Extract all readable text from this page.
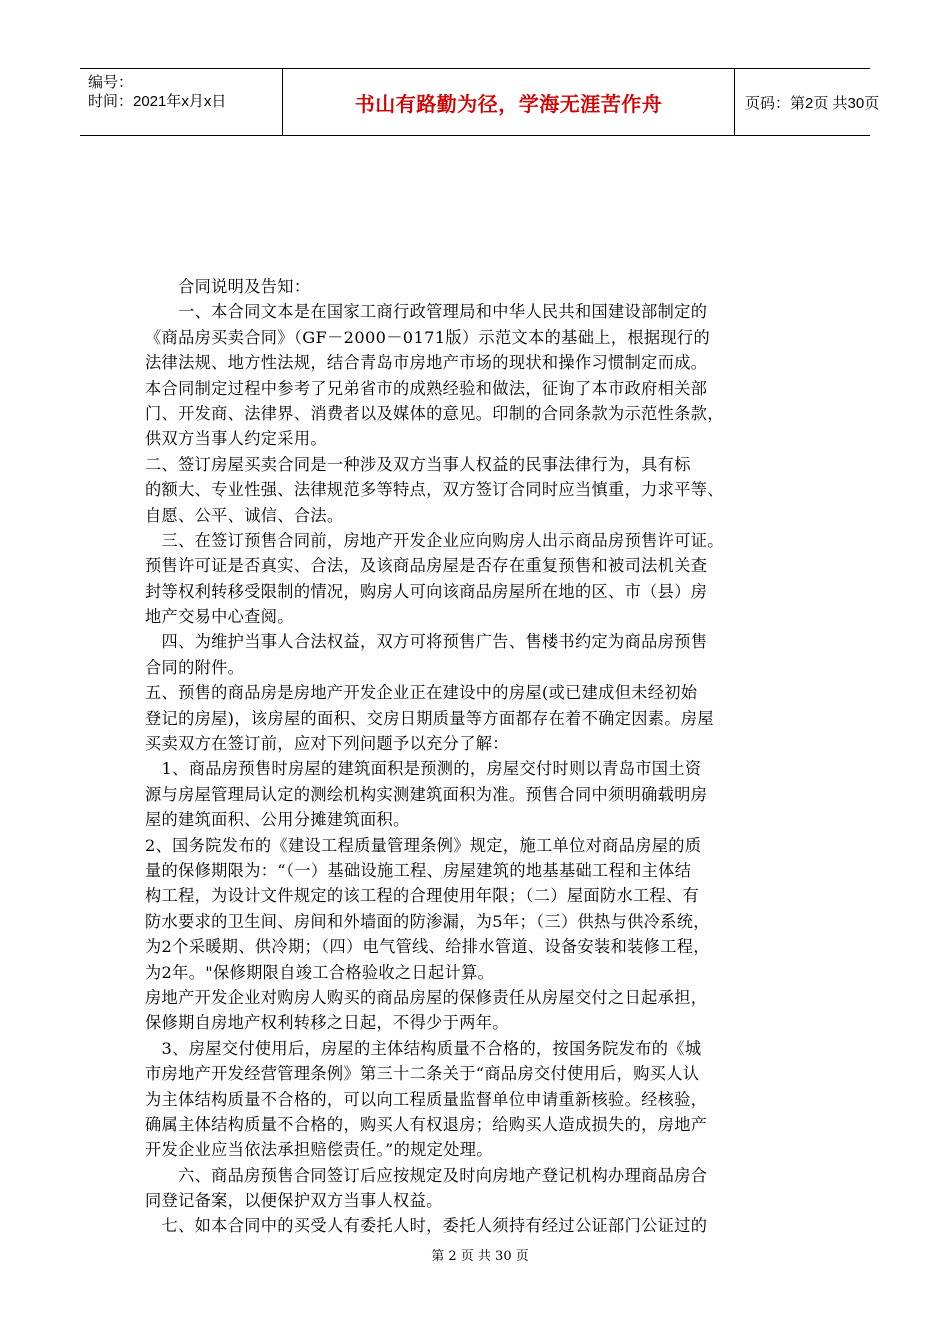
编号：
时间：2021年x月x日	书山有路勤为径，学海无涯苦作舟	页码：第2页 共30页
　　合同说明及告知：
　　一、本合同文本是在国家工商行政管理局和中华人民共和国建设部制定的
《商品房买卖合同》（GF－2000－0171版）示范文本的基础上，根据现行的
法律法规、地方性法规，结合青岛市房地产市场的现状和操作习惯制定而成。
本合同制定过程中参考了兄弟省市的成熟经验和做法，征询了本市政府相关部
门、开发商、法律界、消费者以及媒体的意见。印制的合同条款为示范性条款，
供双方当事人约定采用。
二、签订房屋买卖合同是一种涉及双方当事人权益的民事法律行为，具有标
的额大、专业性强、法律规范多等特点，双方签订合同时应当慎重，力求平等、
自愿、公平、诚信、合法。
　三、在签订预售合同前，房地产开发企业应向购房人出示商品房预售许可证。
预售许可证是否真实、合法，及该商品房屋是否存在重复预售和被司法机关查
封等权利转移受限制的情况，购房人可向该商品房屋所在地的区、市（县）房
地产交易中心查阅。
　四、为维护当事人合法权益，双方可将预售广告、售楼书约定为商品房预售
合同的附件。
五、预售的商品房是房地产开发企业正在建设中的房屋(或已建成但未经初始
登记的房屋)，该房屋的面积、交房日期质量等方面都存在着不确定因素。房屋
买卖双方在签订前，应对下列问题予以充分了解：
　1、商品房预售时房屋的建筑面积是预测的，房屋交付时则以青岛市国土资
源与房屋管理局认定的测绘机构实测建筑面积为准。预售合同中须明确载明房
屋的建筑面积、公用分摊建筑面积。
2、国务院发布的《建设工程质量管理条例》规定，施工单位对商品房屋的质
量的保修期限为：“（一）基础设施工程、房屋建筑的地基基础工程和主体结
构工程，为设计文件规定的该工程的合理使用年限；（二）屋面防水工程、有
防水要求的卫生间、房间和外墙面的防渗漏，为5年；（三）供热与供冷系统，
为2个采暖期、供冷期；（四）电气管线、给排水管道、设备安装和装修工程，
为2年。"保修期限自竣工合格验收之日起计算。
房地产开发企业对购房人购买的商品房屋的保修责任从房屋交付之日起承担，
保修期自房地产权利转移之日起，不得少于两年。
　3、房屋交付使用后，房屋的主体结构质量不合格的，按国务院发布的《城
市房地产开发经营管理条例》第三十二条关于“商品房交付使用后，购买人认
为主体结构质量不合格的，可以向工程质量监督单位申请重新核验。经核验，
确属主体结构质量不合格的，购买人有权退房；给购买人造成损失的，房地产
开发企业应当依法承担赔偿责任。”的规定处理。
　　六、商品房预售合同签订后应按规定及时向房地产登记机构办理商品房合
同登记备案，以便保护双方当事人权益。
　七、如本合同中的买受人有委托人时，委托人须持有经过公证部门公证过的
第 2 页 共 30 页
